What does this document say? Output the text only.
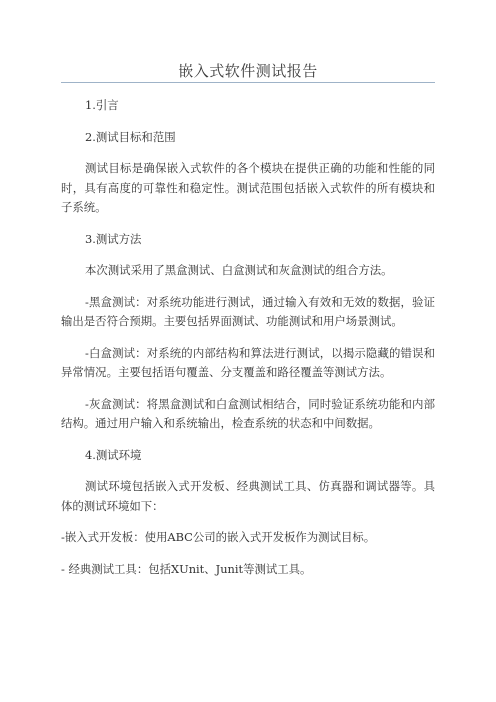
嵌入式软件测试报告

1.引言

2.测试目标和范围

测试目标是确保嵌入式软件的各个模块在提供正确的功能和性能的同时，具有高度的可靠性和稳定性。测试范围包括嵌入式软件的所有模块和子系统。

3.测试方法

本次测试采用了黑盒测试、白盒测试和灰盒测试的组合方法。

-黑盒测试：对系统功能进行测试，通过输入有效和无效的数据，验证输出是否符合预期。主要包括界面测试、功能测试和用户场景测试。

-白盒测试：对系统的内部结构和算法进行测试，以揭示隐藏的错误和异常情况。主要包括语句覆盖、分支覆盖和路径覆盖等测试方法。

-灰盒测试：将黑盒测试和白盒测试相结合，同时验证系统功能和内部结构。通过用户输入和系统输出，检查系统的状态和中间数据。

4.测试环境

测试环境包括嵌入式开发板、经典测试工具、仿真器和调试器等。具体的测试环境如下：

-嵌入式开发板：使用ABC公司的嵌入式开发板作为测试目标。

- 经典测试工具：包括XUnit、Junit等测试工具。
